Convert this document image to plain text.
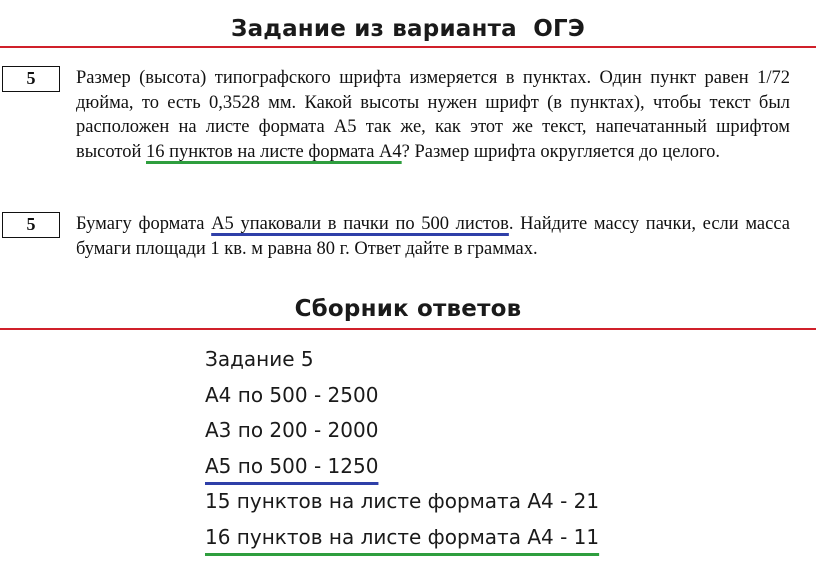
Задание из варианта  ОГЭ
5	Размер (высота) типографского шрифта измеряется в пунктах. Один пункт равен 1/72 дюйма, то есть 0,3528 мм. Какой высоты нужен шрифт (в пунктах), чтобы текст был расположен на листе формата А5 так же, как этот же текст, напечатанный шрифтом высотой 16 пунктов на листе формата А4? Размер шрифта округляется до целого.
5	Бумагу формата А5 упаковали в пачки по 500 листов. Найдите массу пачки, если масса бумаги площади 1 кв. м равна 80 г. Ответ дайте в граммах.
Сборник ответов
Задание 5
А4 по 500 - 2500
А3 по 200 - 2000
А5 по 500 - 1250
15 пунктов на листе формата А4 - 21
16 пунктов на листе формата А4 - 11
